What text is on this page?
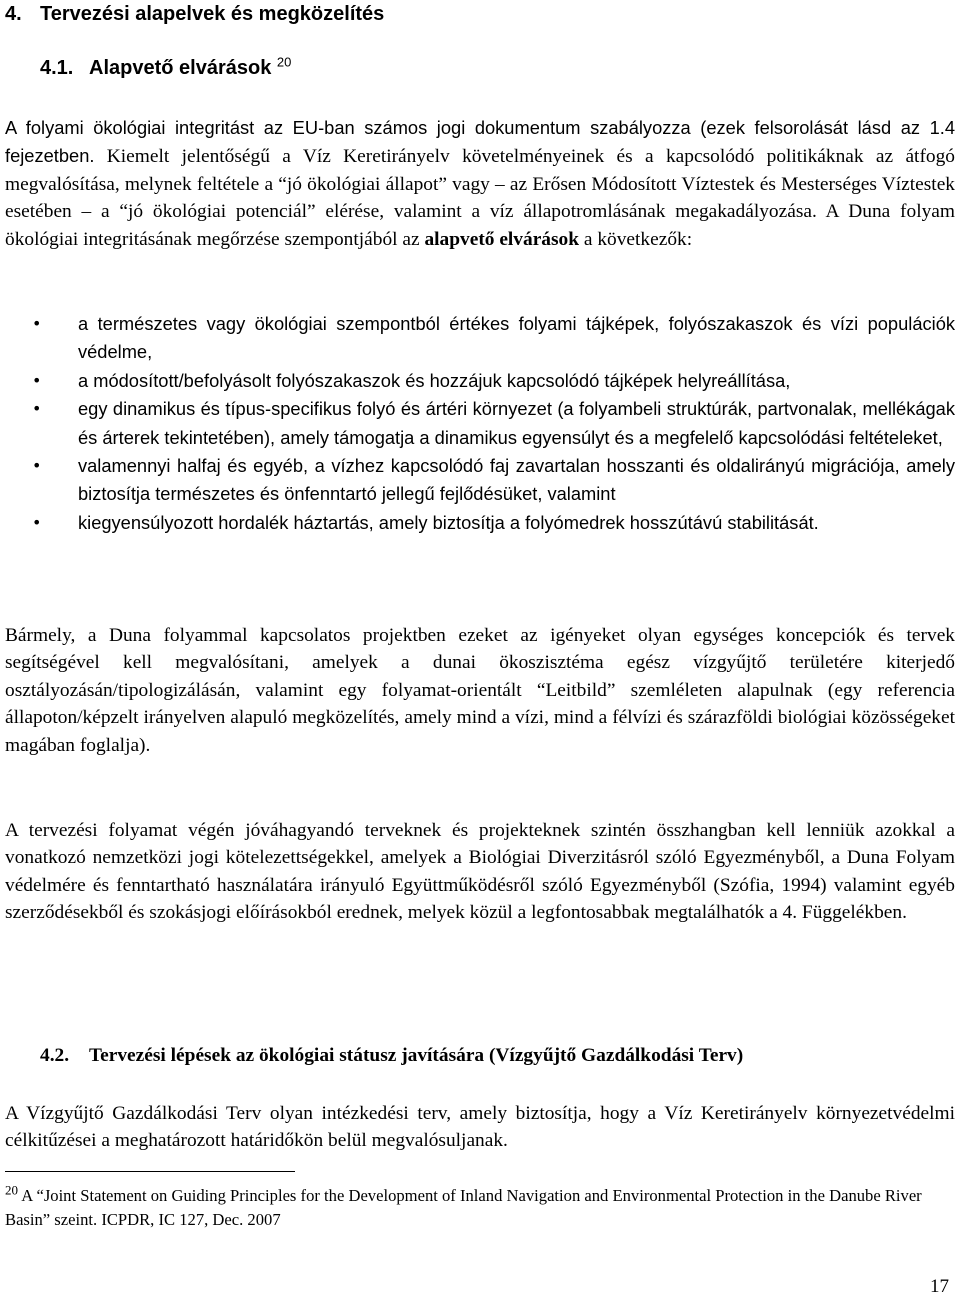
4. Tervezési alapelvek és megközelítés
4.1. Alapvető elvárások $^{20}$

A folyami ökológiai integritást az EU-ban számos jogi dokumentum szabályozza (ezek felsorolását lásd az 1.4 fejezetben. Kiemelt jelentőségű a Víz Keretirányelv követelményeinek és a kapcsolódó politikáknak az átfogó megvalósítása, melynek feltétele a “jó ökológiai állapot” vagy – az Erősen Módosított Víztestek és Mesterséges Víztestek esetében – a “jó ökológiai potenciál” elérése, valamint a víz állapotromlásának megakadályozása. A Duna folyam ökológiai integritásának megőrzése szempontjából az alapvető elvárások a következők:

• a természetes vagy ökológiai szempontból értékes folyami tájképek, folyószakaszok és vízi populációk védelme,
• a módosított/befolyásolt folyószakaszok és hozzájuk kapcsolódó tájképek helyreállítása,
• egy dinamikus és típus-specifikus folyó és ártéri környezet (a folyambeli struktúrák, partvonalak, mellékágak és árterek tekintetében), amely támogatja a dinamikus egyensúlyt és a megfelelő kapcsolódási feltételeket,
• valamennyi halfaj és egyéb, a vízhez kapcsolódó faj zavartalan hosszanti és oldalirányú migrációja, amely biztosítja természetes és önfenntartó jellegű fejlődésüket, valamint
• kiegyensúlyozott hordalék háztartás, amely biztosítja a folyómedrek hosszútávú stabilitását.

Bármely, a Duna folyammal kapcsolatos projektben ezeket az igényeket olyan egységes koncepciók és tervek segítségével kell megvalósítani, amelyek a dunai ökoszisztéma egész vízgyűjtő területére kiterjedő osztályozásán/tipologizálásán, valamint egy folyamat-orientált “Leitbild” szemléleten alapulnak (egy referencia állapoton/képzelt irányelven alapuló megközelítés, amely mind a vízi, mind a félvízi és szárazföldi biológiai közösségeket magában foglalja).

A tervezési folyamat végén jóváhagyandó terveknek és projekteknek szintén összhangban kell lenniük azokkal a vonatkozó nemzetközi jogi kötelezettségekkel, amelyek a Biológiai Diverzitásról szóló Egyezményből, a Duna Folyam védelmére és fenntartható használatára irányuló Együttműködésről szóló Egyezményből (Szófia, 1994) valamint egyéb szerződésekből és szokásjogi előírásokból erednek, melyek közül a legfontosabbak megtalálhatók a 4. Függelékben.

4.2. Tervezési lépések az ökológiai státusz javítására (Vízgyűjtő Gazdálkodási Terv)

A Vízgyűjtő Gazdálkodási Terv olyan intézkedési terv, amely biztosítja, hogy a Víz Keretirányelv környezetvédelmi célkitűzései a meghatározott határidőkön belül megvalósuljanak.

$^{20}$ A “Joint Statement on Guiding Principles for the Development of Inland Navigation and Environmental Protection in the Danube River Basin” szeint. ICPDR, IC 127, Dec. 2007

17
